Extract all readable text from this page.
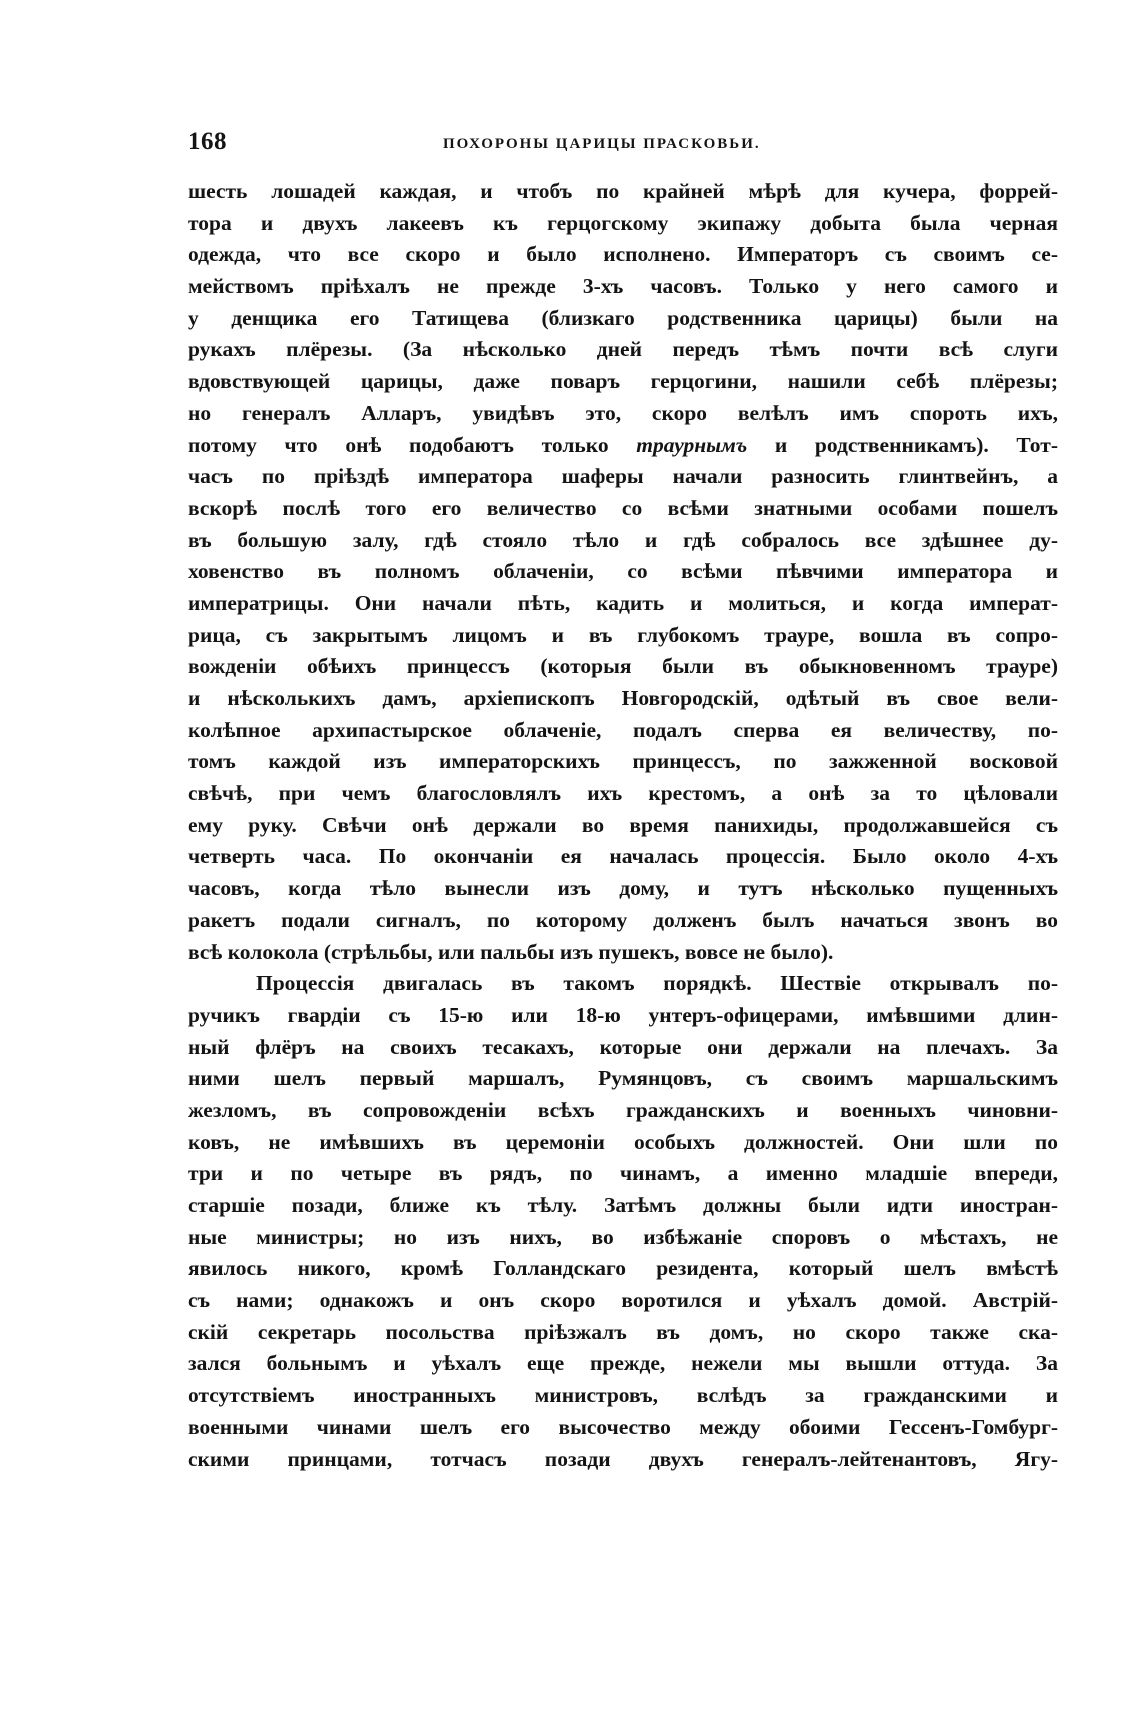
168	ПОХОРОНЫ ЦАРИЦЫ ПРАСКОВЬИ.
шесть лошадей каждая, и чтобъ по крайней мѣрѣ для кучера, форрей-
тора и двухъ лакеевъ къ герцогскому экипажу добыта была черная
одежда, что все скоро и было исполнено. Императоръ съ своимъ се-
мействомъ пріѣхалъ не прежде 3-хъ часовъ. Только у него самого и
у денщика его Татищева (близкаго родственника царицы) были на
рукахъ плёрезы. (За нѣсколько дней передъ тѣмъ почти всѣ слуги
вдовствующей царицы, даже поваръ герцогини, нашили себѣ плёрезы;
но генералъ Алларъ, увидѣвъ это, скоро велѣлъ имъ спороть ихъ,
потому что онѣ подобаютъ только траурнымъ и родственникамъ). Тот-
часъ по пріѣздѣ императора шаферы начали разносить глинтвейнъ, а
вскорѣ послѣ того его величество со всѣми знатными особами пошелъ
въ большую залу, гдѣ стояло тѣло и гдѣ собралось все здѣшнее ду-
ховенство въ полномъ облаченіи, со всѣми пѣвчими императора и
императрицы. Они начали пѣть, кадить и молиться, и когда императ-
рица, съ закрытымъ лицомъ и въ глубокомъ трауре, вошла въ сопро-
вожденіи обѣихъ принцессъ (которыя были въ обыкновенномъ трауре)
и нѣсколькихъ дамъ, архіепископъ Новгородскій, одѣтый въ свое вели-
колѣпное архипастырское облаченіе, подалъ сперва ея величеству, по-
томъ каждой изъ императорскихъ принцессъ, по зажженной восковой
свѣчѣ, при чемъ благословлялъ ихъ крестомъ, а онѣ за то цѣловали
ему руку. Свѣчи онѣ держали во время панихиды, продолжавшейся съ
четверть часа. По окончаніи ея началась процессія. Было около 4-хъ
часовъ, когда тѣло вынесли изъ дому, и тутъ нѣсколько пущенныхъ
ракетъ подали сигналъ, по которому долженъ былъ начаться звонъ во
всѣ колокола (стрѣльбы, или пальбы изъ пушекъ, вовсе не было).
Процессія двигалась въ такомъ порядкѣ. Шествіе открывалъ по-
ручикъ гвардіи съ 15-ю или 18-ю унтеръ-офицерами, имѣвшими длин-
ный флёръ на своихъ тесакахъ, которые они держали на плечахъ. За
ними шелъ первый маршалъ, Румянцовъ, съ своимъ маршальскимъ
жезломъ, въ сопровожденіи всѣхъ гражданскихъ и военныхъ чиновни-
ковъ, не имѣвшихъ въ церемоніи особыхъ должностей. Они шли по
три и по четыре въ рядъ, по чинамъ, а именно младшіе впереди,
старшіе позади, ближе къ тѣлу. Затѣмъ должны были идти иностран-
ные министры; но изъ нихъ, во избѣжаніе споровъ о мѣстахъ, не
явилось никого, кромѣ Голландскаго резидента, который шелъ вмѣстѣ
съ нами; однакожъ и онъ скоро воротился и уѣхалъ домой. Австрій-
скій секретарь посольства пріѣзжалъ въ домъ, но скоро также ска-
зался больнымъ и уѣхалъ еще прежде, нежели мы вышли оттуда. За
отсутствіемъ иностранныхъ министровъ, вслѣдъ за гражданскими и
военными чинами шелъ его высочество между обоими Гессенъ-Гомбург-
скими принцами, тотчасъ позади двухъ генералъ-лейтенантовъ, Ягу-
